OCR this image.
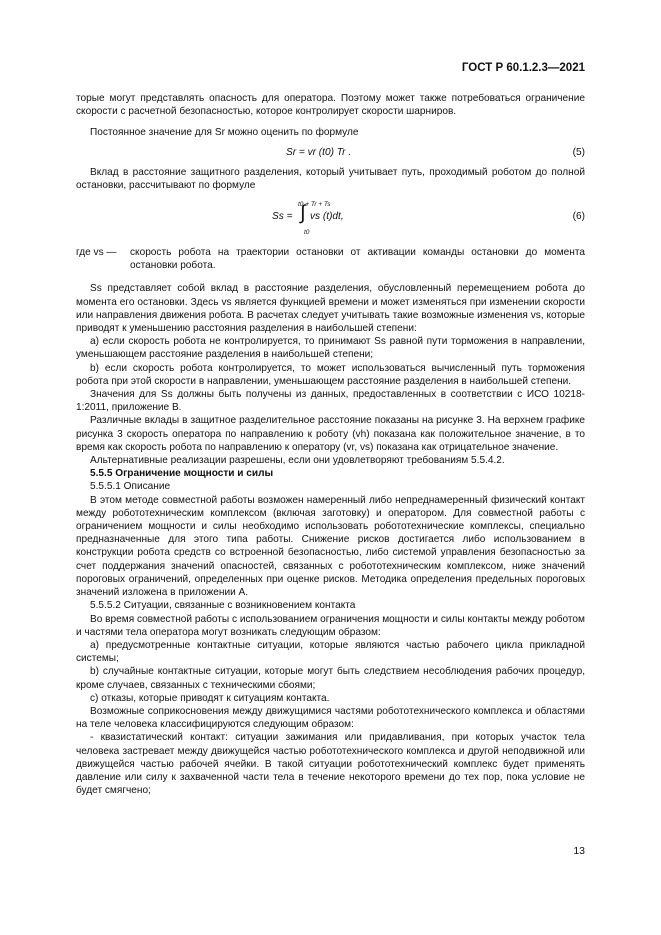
ГОСТ Р 60.1.2.3—2021

торые могут представлять опасность для оператора. Поэтому может также потребоваться ограничение скорости с расчетной безопасностью, которое контролирует скорости шарниров.

Постоянное значение для Sr можно оценить по формуле

Sr = vr (t0) Tr .	(5)

Вклад в расстояние защитного разделения, который учитывает путь, проходимый роботом до полной остановки, рассчитывают по формуле

Ss =
t0 + Tr + Ts
∫
t0
vs (t)dt,	(6)
где vs —	скорость робота на траектории остановки от активации команды остановки до момента остановки робота.

Ss представляет собой вклад в расстояние разделения, обусловленный перемещением робота до момента его остановки. Здесь vs является функцией времени и может изменяться при изменении скорости или направления движения робота. В расчетах следует учитывать такие возможные изменения vs, которые приводят к уменьшению расстояния разделения в наибольшей степени:

а) если скорость робота не контролируется, то принимают Ss равной пути торможения в направлении, уменьшающем расстояние разделения в наибольшей степени;

b) если скорость робота контролируется, то может использоваться вычисленный путь торможения робота при этой скорости в направлении, уменьшающем расстояние разделения в наибольшей степени.

Значения для Ss должны быть получены из данных, предоставленных в соответствии с ИСО 10218-1:2011, приложение В.

Различные вклады в защитное разделительное расстояние показаны на рисунке 3. На верхнем графике рисунка 3 скорость оператора по направлению к роботу (vh) показана как положительное значение, в то время как скорость робота по направлению к оператору (vr, vs) показана как отрицательное значение.

Альтернативные реализации разрешены, если они удовлетворяют требованиям 5.5.4.2.

5.5.5 Ограничение мощности и силы

5.5.5.1 Описание

В этом методе совместной работы возможен намеренный либо непреднамеренный физический контакт между робототехническим комплексом (включая заготовку) и оператором. Для совместной работы с ограничением мощности и силы необходимо использовать робототехнические комплексы, специально предназначенные для этого типа работы. Снижение рисков достигается либо использованием в конструкции робота средств со встроенной безопасностью, либо системой управления безопасностью за счет поддержания значений опасностей, связанных с робототехническим комплексом, ниже значений пороговых ограничений, определенных при оценке рисков. Методика определения предельных пороговых значений изложена в приложении А.

5.5.5.2 Ситуации, связанные с возникновением контакта

Во время совместной работы с использованием ограничения мощности и силы контакты между роботом и частями тела оператора могут возникать следующим образом:

а) предусмотренные контактные ситуации, которые являются частью рабочего цикла прикладной системы;

b) случайные контактные ситуации, которые могут быть следствием несоблюдения рабочих процедур, кроме случаев, связанных с техническими сбоями;

с) отказы, которые приводят к ситуациям контакта.

Возможные соприкосновения между движущимися частями робототехнического комплекса и областями на теле человека классифицируются следующим образом:

- квазистатический контакт: ситуации зажимания или придавливания, при которых участок тела человека застревает между движущейся частью робототехнического комплекса и другой неподвижной или движущейся частью рабочей ячейки. В такой ситуации робототехнический комплекс будет применять давление или силу к захваченной части тела в течение некоторого времени до тех пор, пока условие не будет смягчено;

13
